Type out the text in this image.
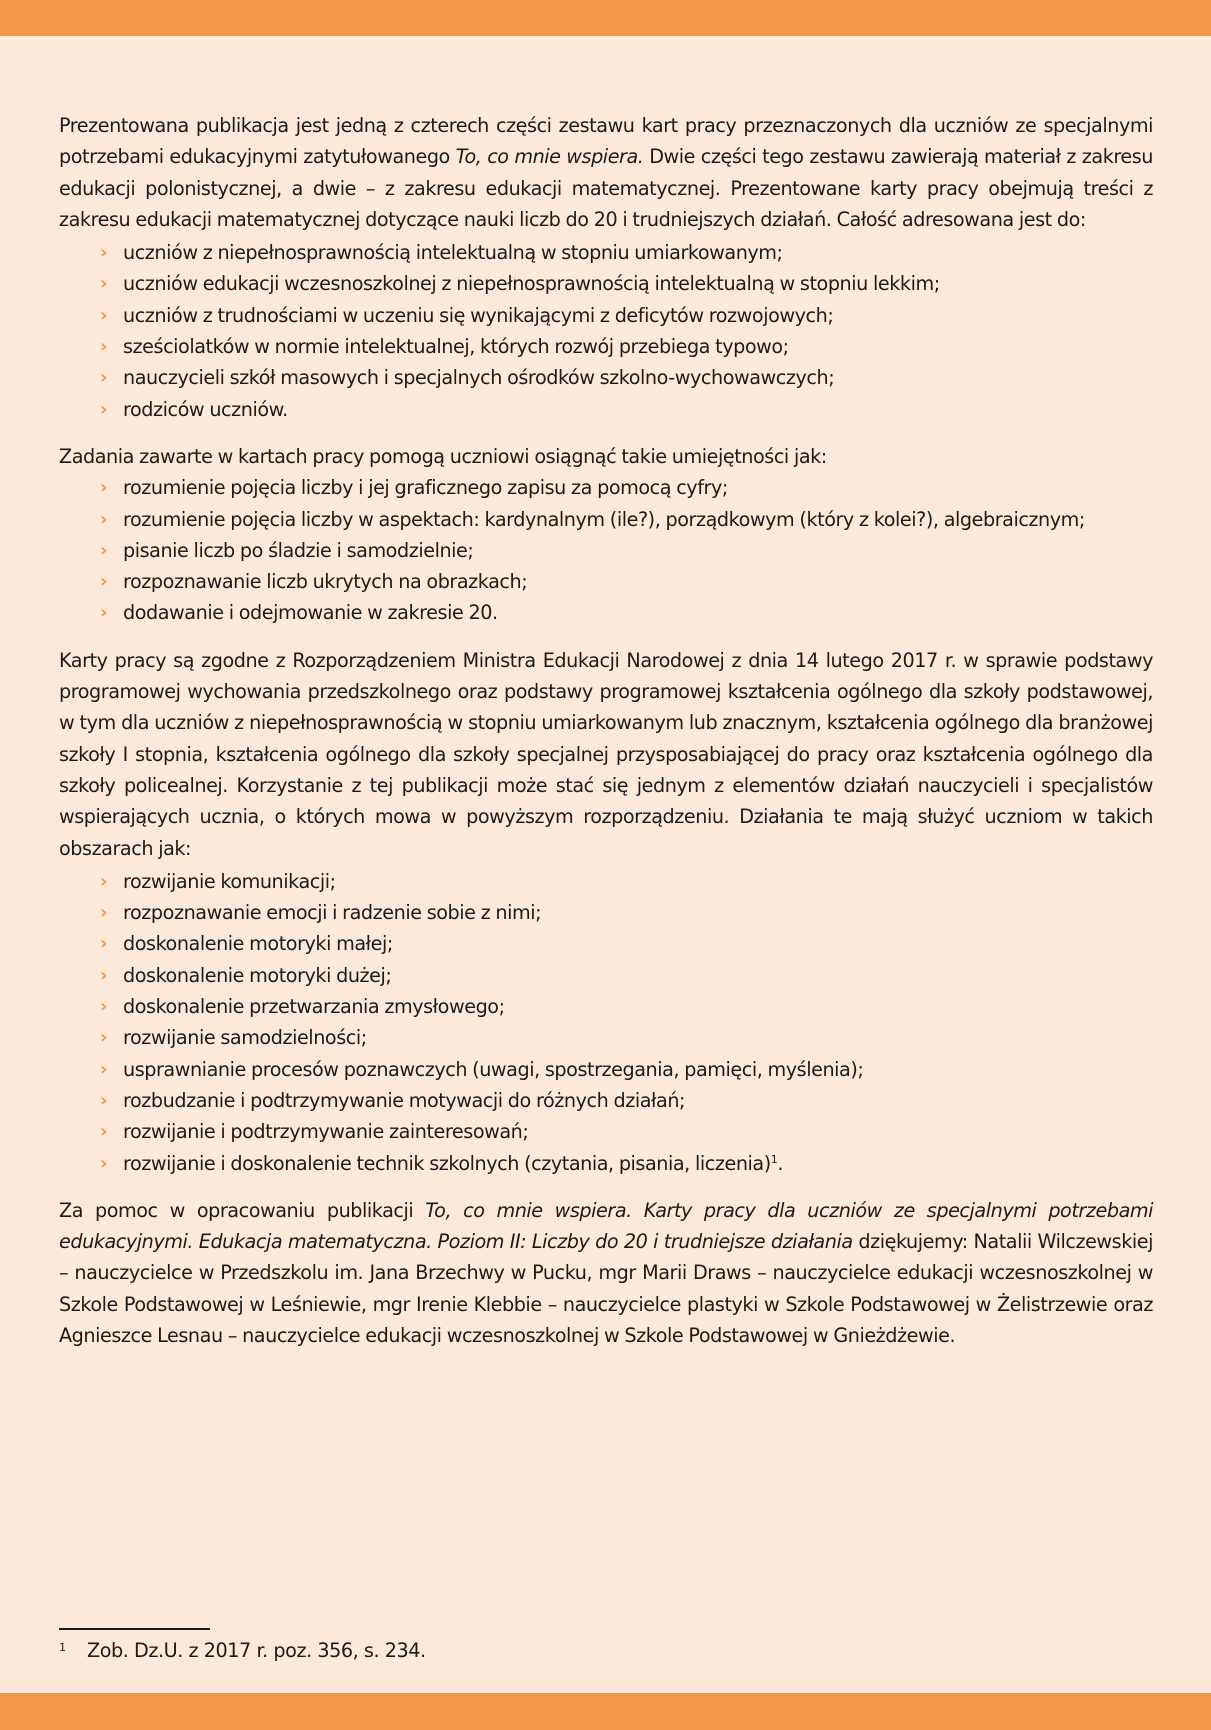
Prezentowana publikacja jest jedną z czterech części zestawu kart pracy przeznaczonych dla uczniów ze specjalnymi potrzebami edukacyjnymi zatytułowanego To, co mnie wspiera. Dwie części tego zestawu zawierają materiał z zakresu edukacji polonistycznej, a dwie – z zakresu edukacji matematycznej. Prezentowane karty pracy obejmują treści z zakresu edukacji matematycznej dotyczące nauki liczb do 20 i trudniejszych działań. Całość adresowana jest do:

› uczniów z niepełnosprawnością intelektualną w stopniu umiarkowanym;
› uczniów edukacji wczesnoszkolnej z niepełnosprawnością intelektualną w stopniu lekkim;
› uczniów z trudnościami w uczeniu się wynikającymi z deficytów rozwojowych;
› sześciolatków w normie intelektualnej, których rozwój przebiega typowo;
› nauczycieli szkół masowych i specjalnych ośrodków szkolno-wychowawczych;
› rodziców uczniów.

Zadania zawarte w kartach pracy pomogą uczniowi osiągnąć takie umiejętności jak:

› rozumienie pojęcia liczby i jej graficznego zapisu za pomocą cyfry;
› rozumienie pojęcia liczby w aspektach: kardynalnym (ile?), porządkowym (który z kolei?), algebraicznym;
› pisanie liczb po śladzie i samodzielnie;
› rozpoznawanie liczb ukrytych na obrazkach;
› dodawanie i odejmowanie w zakresie 20.

Karty pracy są zgodne z Rozporządzeniem Ministra Edukacji Narodowej z dnia 14 lutego 2017 r. w sprawie podstawy programowej wychowania przedszkolnego oraz podstawy programowej kształcenia ogólnego dla szkoły podstawowej, w tym dla uczniów z niepełnosprawnością w stopniu umiarkowanym lub znacznym, kształcenia ogólnego dla branżowej szkoły I stopnia, kształcenia ogólnego dla szkoły specjalnej przysposabiającej do pracy oraz kształcenia ogólnego dla szkoły policealnej. Korzystanie z tej publikacji może stać się jednym z elementów działań nauczycieli i specjalistów wspierających ucznia, o których mowa w powyższym rozporządzeniu. Działania te mają służyć uczniom w takich obszarach jak:

› rozwijanie komunikacji;
› rozpoznawanie emocji i radzenie sobie z nimi;
› doskonalenie motoryki małej;
› doskonalenie motoryki dużej;
› doskonalenie przetwarzania zmysłowego;
› rozwijanie samodzielności;
› usprawnianie procesów poznawczych (uwagi, spostrzegania, pamięci, myślenia);
› rozbudzanie i podtrzymywanie motywacji do różnych działań;
› rozwijanie i podtrzymywanie zainteresowań;
› rozwijanie i doskonalenie technik szkolnych (czytania, pisania, liczenia)$^1$.

Za pomoc w opracowaniu publikacji To, co mnie wspiera. Karty pracy dla uczniów ze specjalnymi potrzebami edukacyjnymi. Edukacja matematyczna. Poziom II: Liczby do 20 i trudniejsze działania dziękujemy: Natalii Wilczewskiej – nauczycielce w Przedszkolu im. Jana Brzechwy w Pucku, mgr Marii Draws – nauczycielce edukacji wczesnoszkolnej w Szkole Podstawowej w Leśniewie, mgr Irenie Klebbie – nauczycielce plastyki w Szkole Podstawowej w Żelistrzewie oraz Agnieszce Lesnau – nauczycielce edukacji wczesnoszkolnej w Szkole Podstawowej w Gnieżdżewie.

1 Zob. Dz.U. z 2017 r. poz. 356, s. 234.
